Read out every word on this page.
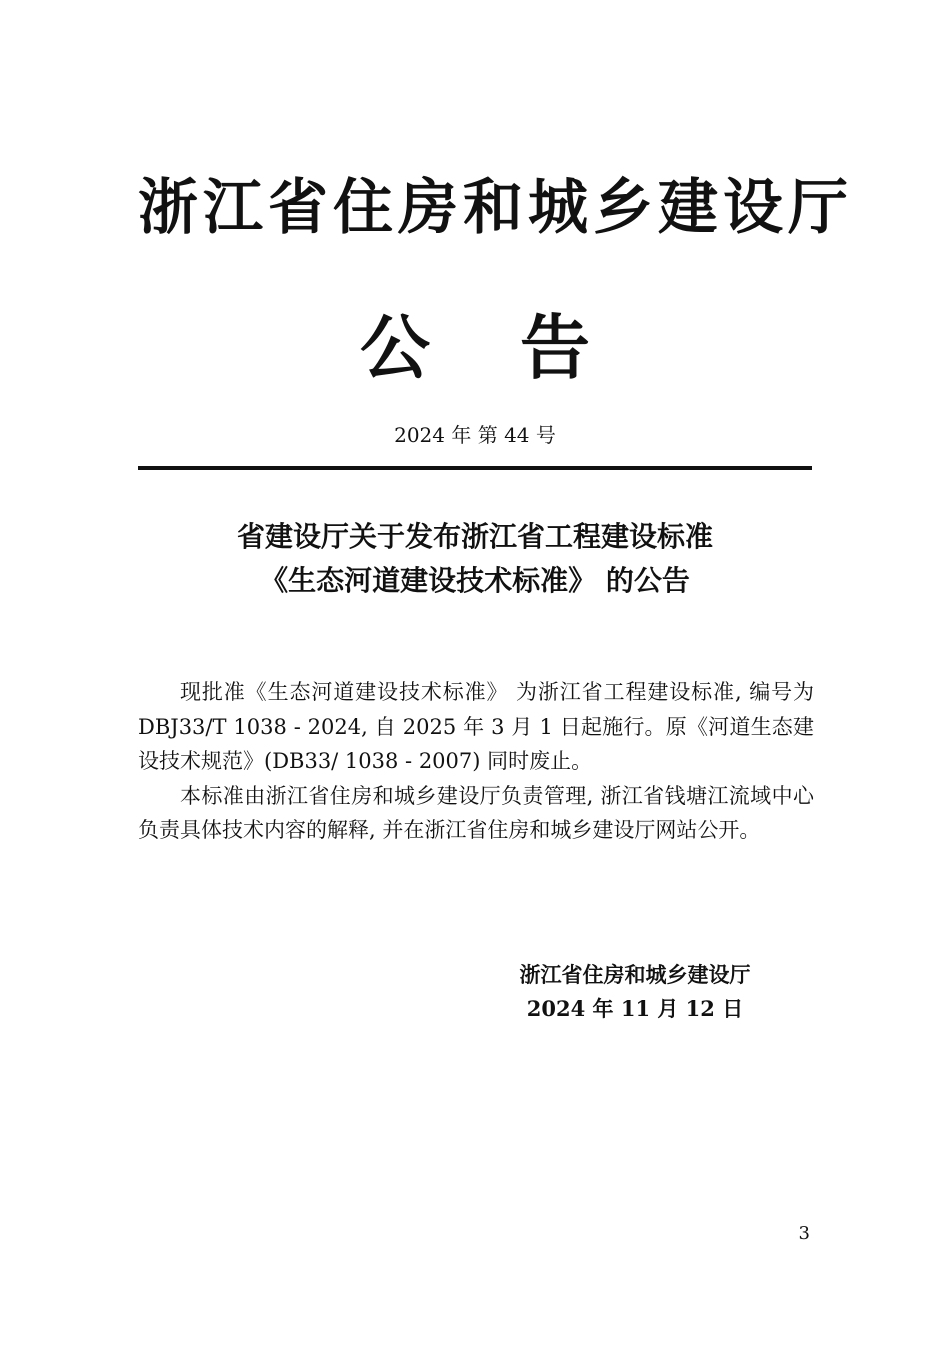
浙江省住房和城乡建设厅
公 告
2024 年 第 44 号
省建设厅关于发布浙江省工程建设标准
《生态河道建设技术标准》 的公告

现批准《生态河道建设技术标准》 为浙江省工程建设标准, 编号为 DBJ33/T 1038 - 2024, 自 2025 年 3 月 1 日起施行。原《河道生态建设技术规范》(DB33/ 1038 - 2007) 同时废止。

本标准由浙江省住房和城乡建设厅负责管理, 浙江省钱塘江流域中心负责具体技术内容的解释, 并在浙江省住房和城乡建设厅网站公开。

浙江省住房和城乡建设厅
2024 年 11 月 12 日
3
